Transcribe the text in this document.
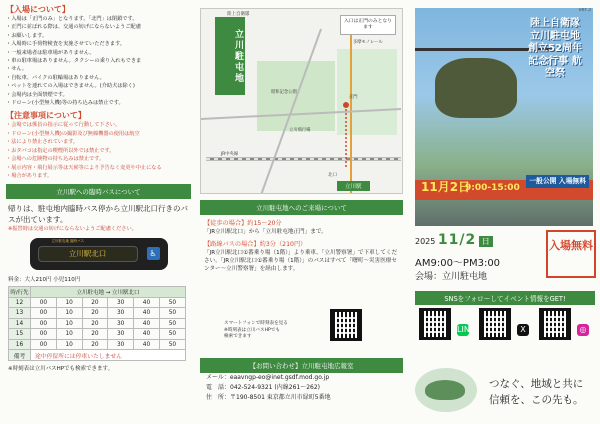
【入場について】
・ 入場は「正門のみ」となります。「北門」は閉鎖です。
・ 正門に並ばれる際は、交通の妨げにならないようご配慮
・ お願いします。
・ 入場時に手荷物検査を実施させていただきます。
・ 一般来場者は駐車場がありません。
・ 車の駐車場はありません。タクシーの乗り入れもできま
・ せん。
・ 自転車、バイクの駐輪場はありません。
・ ペットを連れての入場はできません。(介助犬は除く)
・ 会場内は全面禁煙です。
・ ドローン(小型無人機)等の持ち込みは禁止です。
【注意事項について】
・ 会場では係員の指示に従って行動して下さい。
・ ドローン(小型無人機)の撮影及び無線機器の使用は航空
・ 法により禁止されています。
・ おタバコは指定の喫煙所以外では禁止です。
・ 会場への危険物の持ち込みは禁止です。
・ 展示内容・飛行展示等は天候等により予告なく変更や中止になる
・ 場合があります。
立川駅への臨時バスについて
帰りは、駐屯地内臨時バス停から立川駅北口行きのバスが出ています。
※振替時は交通の妨げにならないようご配慮ください。
立川駐屯地 臨時バス
立川駅北口	♿
料金：大人210円 小児110円
時/行先	立川駐屯地 → 立川駅北口					
12	00	10	20	30	40	50
13	00	10	20	30	40	50
14	00	10	20	30	40	50
15	00	10	20	30	40	50
16	00	10	20	30	40	50
備考	途中停留所には停車いたしません					
※時刻表は立川バスHPでも検索できます。
陸上自衛隊
立川駐屯地
入口は正門のみとなります
正門
昭和記念公園
多摩モノレール
JR中央線
立川飛行場
北口
立川駅
立川駐屯地へのご来場について
【徒歩の場合】約15〜20分
「JR立川駅北口」から「立川駐屯地正門」まで。
【路線バスの場合】約3分（210円）
「JR立川駅北口①番乗り場（1階）」より乗車、「立川警察署」で下車してください。「JR立川駅北口①番乗り場（1階）」のバスはすべて「曙町〜災害医療センター〜立川警察署」を経由します。
スマートフォンで時刻表を見る
※時刻表は立川バスHPでも
検索できます
【お問い合わせ】立川駐屯地広報室
メール：eaavngp-eo@inet.gsdf.mod.go.jp
電　話：042-524-9321 (内線261〜262)
住　所：〒190-8501 東京都立川市緑町5番地
ver.3
陸上自衛隊 立川駐屯地 創立52周年記念行事 航空祭
11月2日
9:00-15:00
一般公開 入場無料
2025 11/2 日
AM9:00〜PM3:00
会場：立川駐屯地
入場無料
SNSをフォローしてイベント情報をGET!
LINE	X	◎
つなぐ、地域と共に
信頼を、この先も。
